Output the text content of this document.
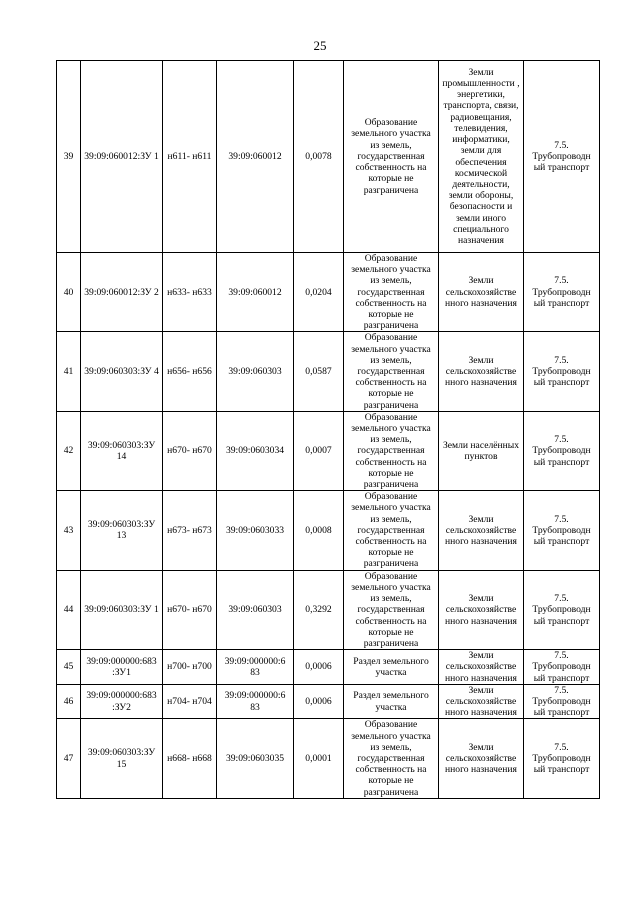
25
39	39:09:060012:ЗУ 1	н611- н611	39:09:060012	0,0078	Образование земельного участка из земель, государственная собственность на которые не разграничена	Земли промышленности , энергетики, транспорта, связи, радиовещания, телевидения, информатики, земли для обеспечения космической деятельности, земли обороны, безопасности и земли иного специального назначения	7.5. Трубопроводн ый транспорт
40	39:09:060012:ЗУ 2	н633- н633	39:09:060012	0,0204	Образование земельного участка из земель, государственная собственность на которые не разграничена	Земли сельскохозяйстве нного назначения	7.5. Трубопроводн ый транспорт
41	39:09:060303:ЗУ 4	н656- н656	39:09:060303	0,0587	Образование земельного участка из земель, государственная собственность на которые не разграничена	Земли сельскохозяйстве нного назначения	7.5. Трубопроводн ый транспорт
42	39:09:060303:ЗУ 14	н670- н670	39:09:0603034	0,0007	Образование земельного участка из земель, государственная собственность на которые не разграничена	Земли населённых пунктов	7.5. Трубопроводн ый транспорт
43	39:09:060303:ЗУ 13	н673- н673	39:09:0603033	0,0008	Образование земельного участка из земель, государственная собственность на которые не разграничена	Земли сельскохозяйстве нного назначения	7.5. Трубопроводн ый транспорт
44	39:09:060303:ЗУ 1	н670- н670	39:09:060303	0,3292	Образование земельного участка из земель, государственная собственность на которые не разграничена	Земли сельскохозяйстве нного назначения	7.5. Трубопроводн ый транспорт
45	39:09:000000:683 :ЗУ1	н700- н700	39:09:000000:6 83	0,0006	Раздел земельного участка	Земли сельскохозяйстве нного назначения	7.5. Трубопроводн ый транспорт
46	39:09:000000:683 :ЗУ2	н704- н704	39:09:000000:6 83	0,0006	Раздел земельного участка	Земли сельскохозяйстве нного назначения	7.5. Трубопроводн ый транспорт
47	39:09:060303:ЗУ 15	н668- н668	39:09:0603035	0,0001	Образование земельного участка из земель, государственная собственность на которые не разграничена	Земли сельскохозяйстве нного назначения	7.5. Трубопроводн ый транспорт
